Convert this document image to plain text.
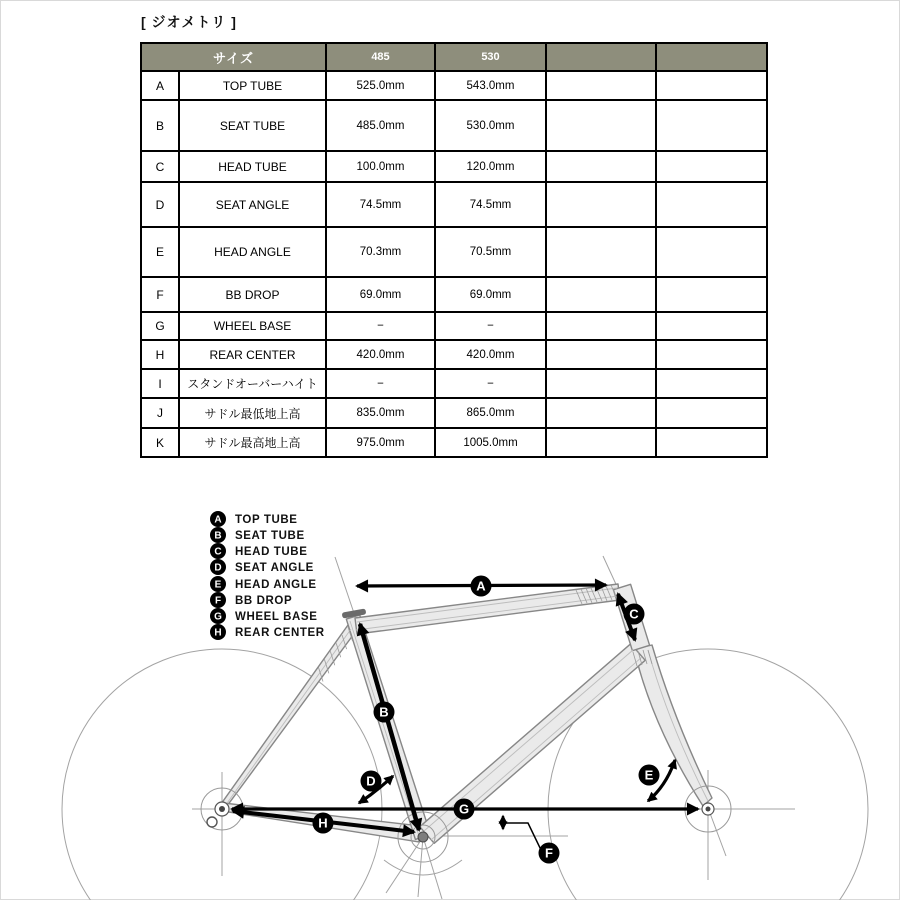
[ ジオメトリ ]
サイズ		485	530		
A	TOP TUBE	525.0mm	543.0mm		
B	SEAT TUBE	485.0mm	530.0mm		
C	HEAD TUBE	100.0mm	120.0mm		
D	SEAT ANGLE	74.5mm	74.5mm		
E	HEAD ANGLE	70.3mm	70.5mm		
F	BB DROP	69.0mm	69.0mm		
G	WHEEL BASE	−	−		
H	REAR CENTER	420.0mm	420.0mm		
I	スタンドオーバーハイト	−	−		
J	サドル最低地上高	835.0mm	865.0mm		
K	サドル最高地上高	975.0mm	1005.0mm		
A
B
C
D	E
F
G
H
A TOP TUBE
B SEAT TUBE
C HEAD TUBE
D SEAT ANGLE
E HEAD ANGLE
F BB DROP
G WHEEL BASE
H REAR CENTER
